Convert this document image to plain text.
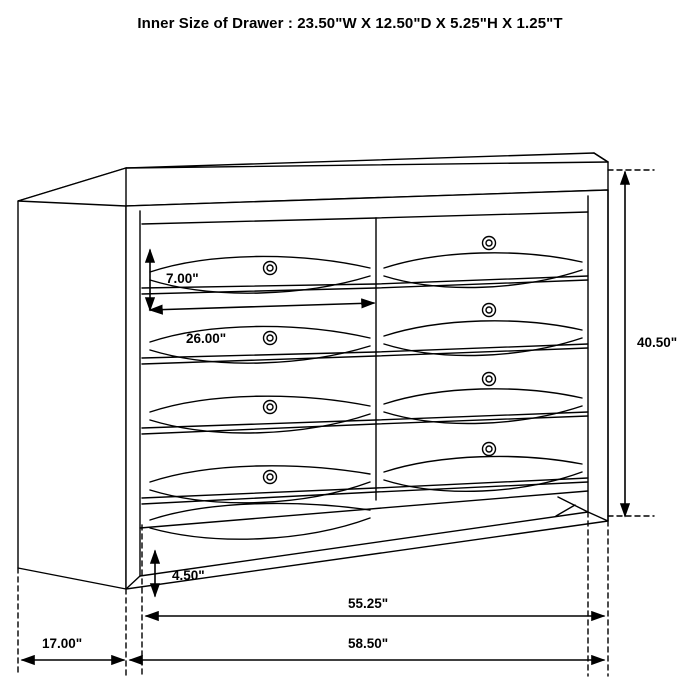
Inner Size of Drawer : 23.50"W X 12.50"D X 5.25"H X 1.25"T
7.00"
26.00"	40.50"
4.50"
55.25"
17.00"	58.50"
